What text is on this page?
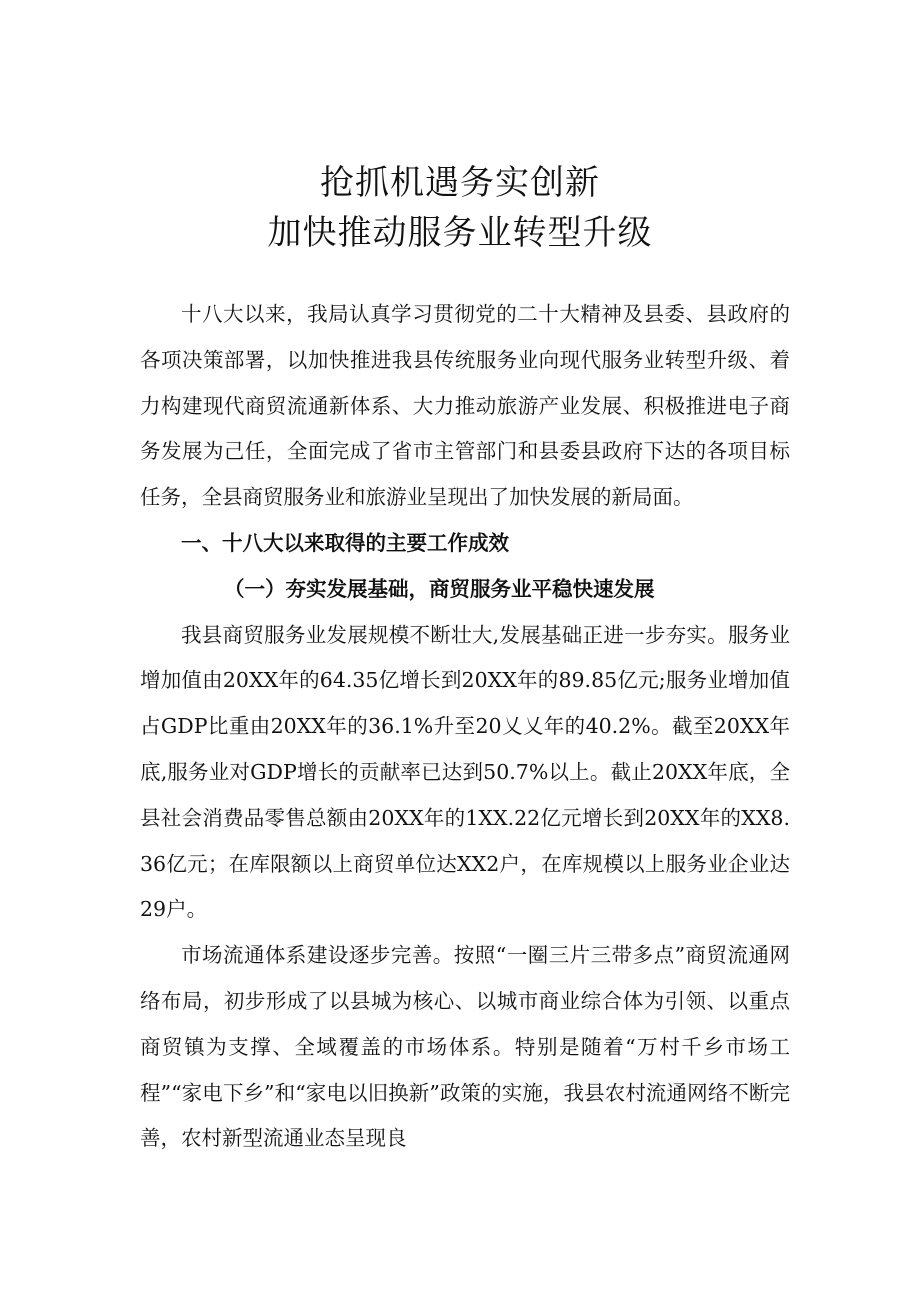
抢抓机遇务实创新
加快推动服务业转型升级

十八大以来，我局认真学习贯彻党的二十大精神及县委、县政府的各项决策部署，以加快推进我县传统服务业向现代服务业转型升级、着力构建现代商贸流通新体系、大力推动旅游产业发展、积极推进电子商务发展为己任，全面完成了省市主管部门和县委县政府下达的各项目标任务，全县商贸服务业和旅游业呈现出了加快发展的新局面。

一、十八大以来取得的主要工作成效

（一）夯实发展基础，商贸服务业平稳快速发展

我县商贸服务业发展规模不断壮大,发展基础正进一步夯实。服务业增加值由20XX年的64.35亿增长到20XX年的89.85亿元;服务业增加值占GDP比重由20XX年的36.1%升至20乂乂年的40.2%。截至20XX年底,服务业对GDP增长的贡献率已达到50.7%以上。截止20XX年底，全县社会消费品零售总额由20XX年的1XX.22亿元增长到20XX年的XX8.36亿元；在库限额以上商贸单位达XX2户，在库规模以上服务业企业达29户。

市场流通体系建设逐步完善。按照“一圈三片三带多点”商贸流通网络布局，初步形成了以县城为核心、以城市商业综合体为引领、以重点商贸镇为支撑、全域覆盖的市场体系。特别是随着“万村千乡市场工程”“家电下乡”和“家电以旧换新”政策的实施，我县农村流通网络不断完善，农村新型流通业态呈现良
